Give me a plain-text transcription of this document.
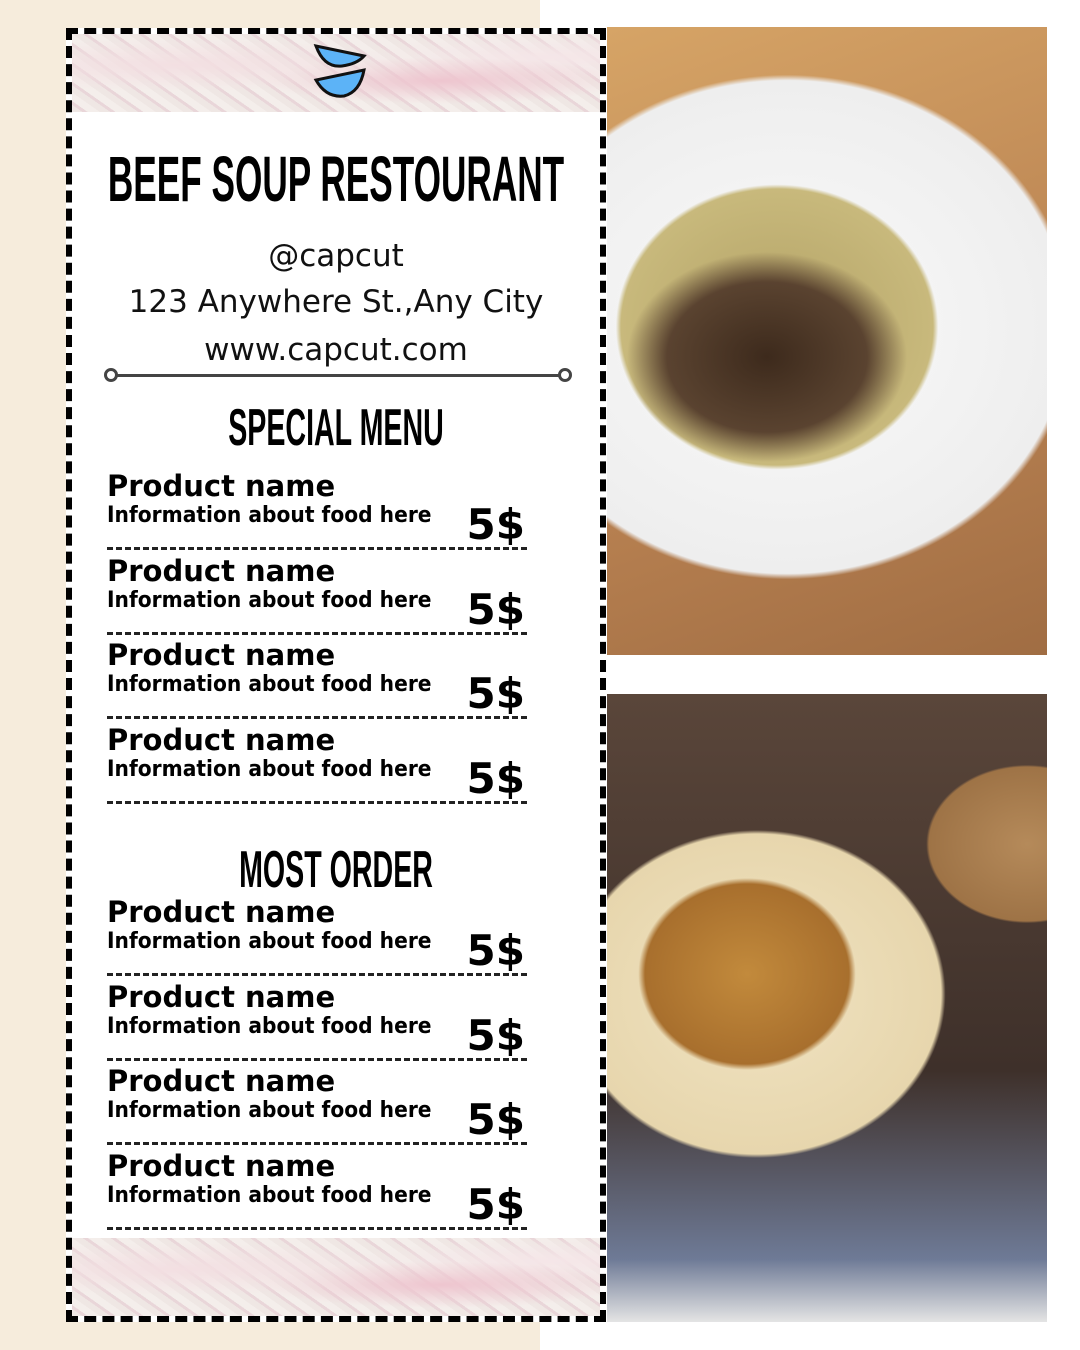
BEEF SOUP RESTOURANT
@capcut
123 Anywhere St.,Any City
www.capcut.com
SPECIAL MENU
Product name
Information about food here 5$
Product name
Information about food here 5$
Product name
Information about food here 5$
Product name
Information about food here 5$
MOST ORDER
Product name
Information about food here 5$
Product name
Information about food here 5$
Product name
Information about food here 5$
Product name
Information about food here 5$
